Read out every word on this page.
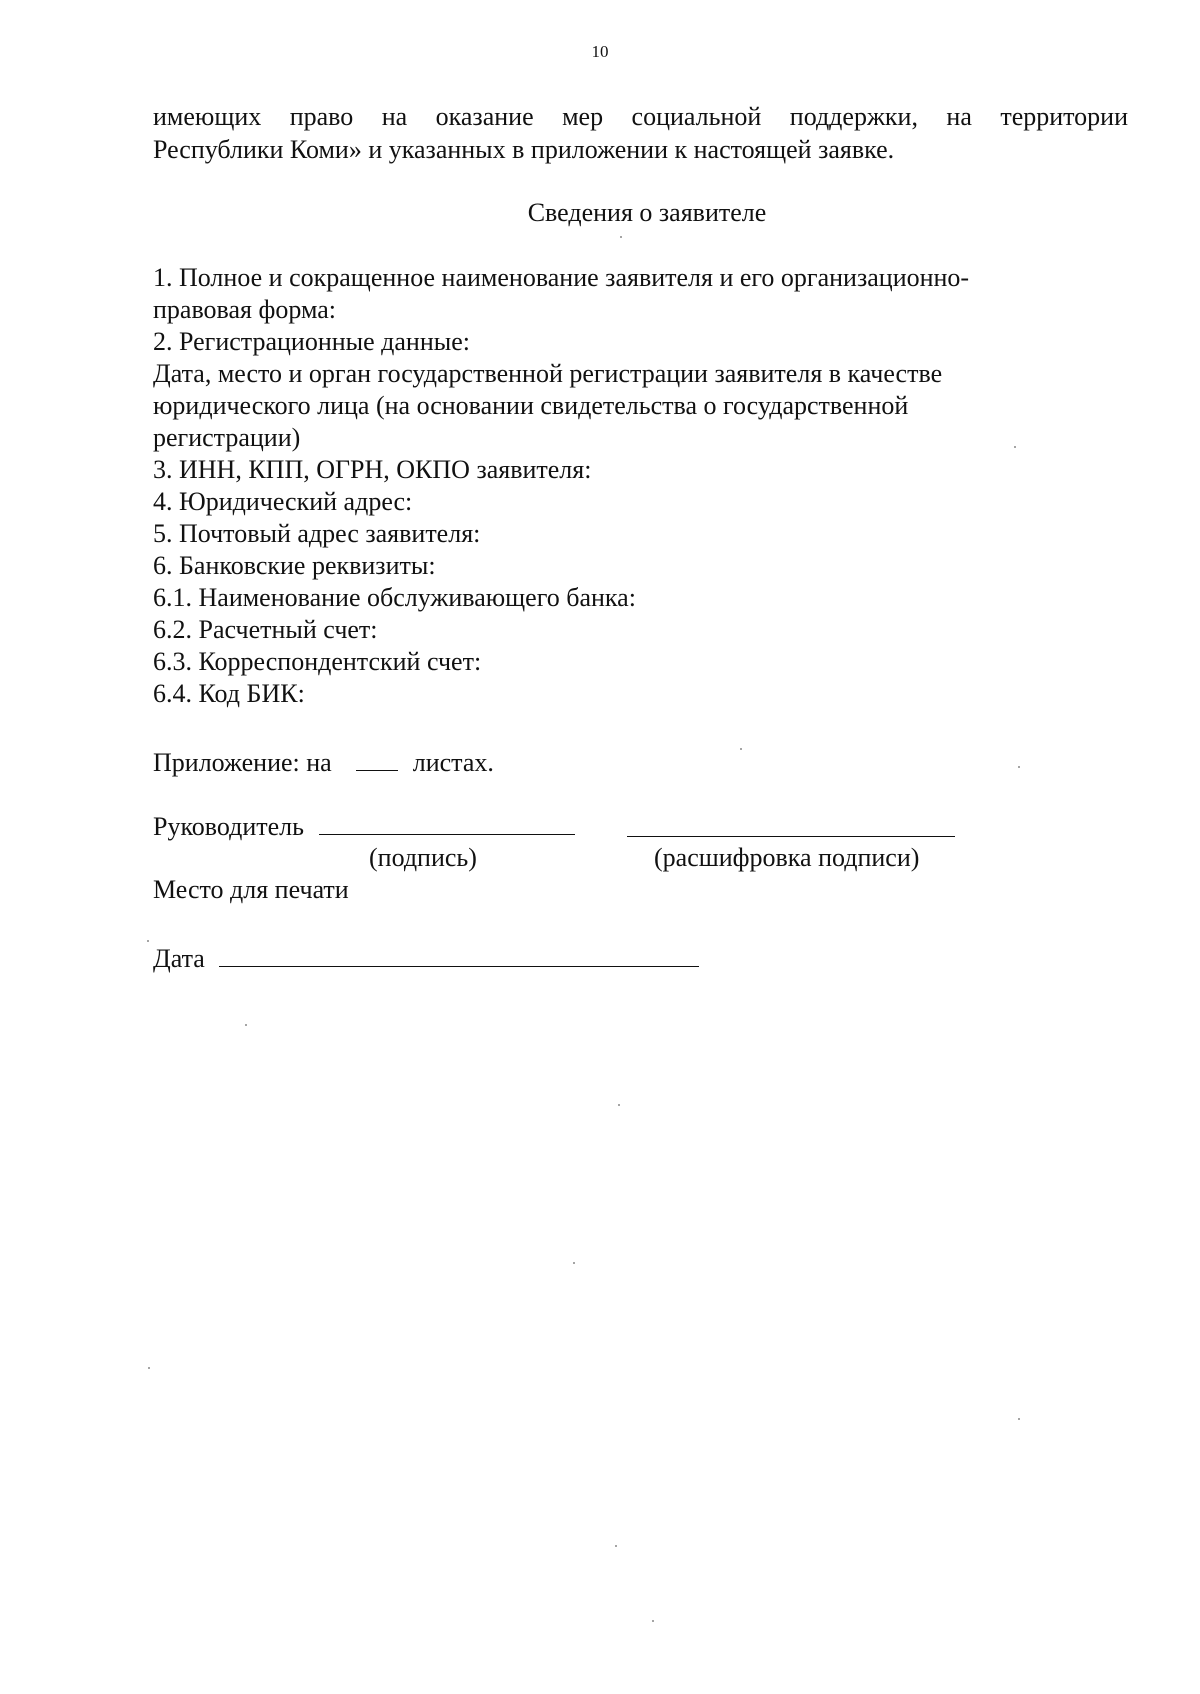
10
имеющих право на оказание мер социальной поддержки, на территории
Республики Коми» и указанных в приложении к настоящей заявке.
Сведения о заявителе
1. Полное и сокращенное наименование заявителя и его организационно-
правовая форма:
2. Регистрационные данные:
Дата, место и орган государственной регистрации заявителя в качестве
юридического лица (на основании свидетельства о государственной
регистрации)
3. ИНН, КПП, ОГРН, ОКПО заявителя:
4. Юридический адрес:
5. Почтовый адрес заявителя:
6. Банковские реквизиты:
6.1. Наименование обслуживающего банка:
6.2. Расчетный счет:
6.3. Корреспондентский счет:
6.4. Код БИК:
Приложение: на	листах.
Руководитель
(подпись)	(расшифровка подписи)
Место для печати
Дата
